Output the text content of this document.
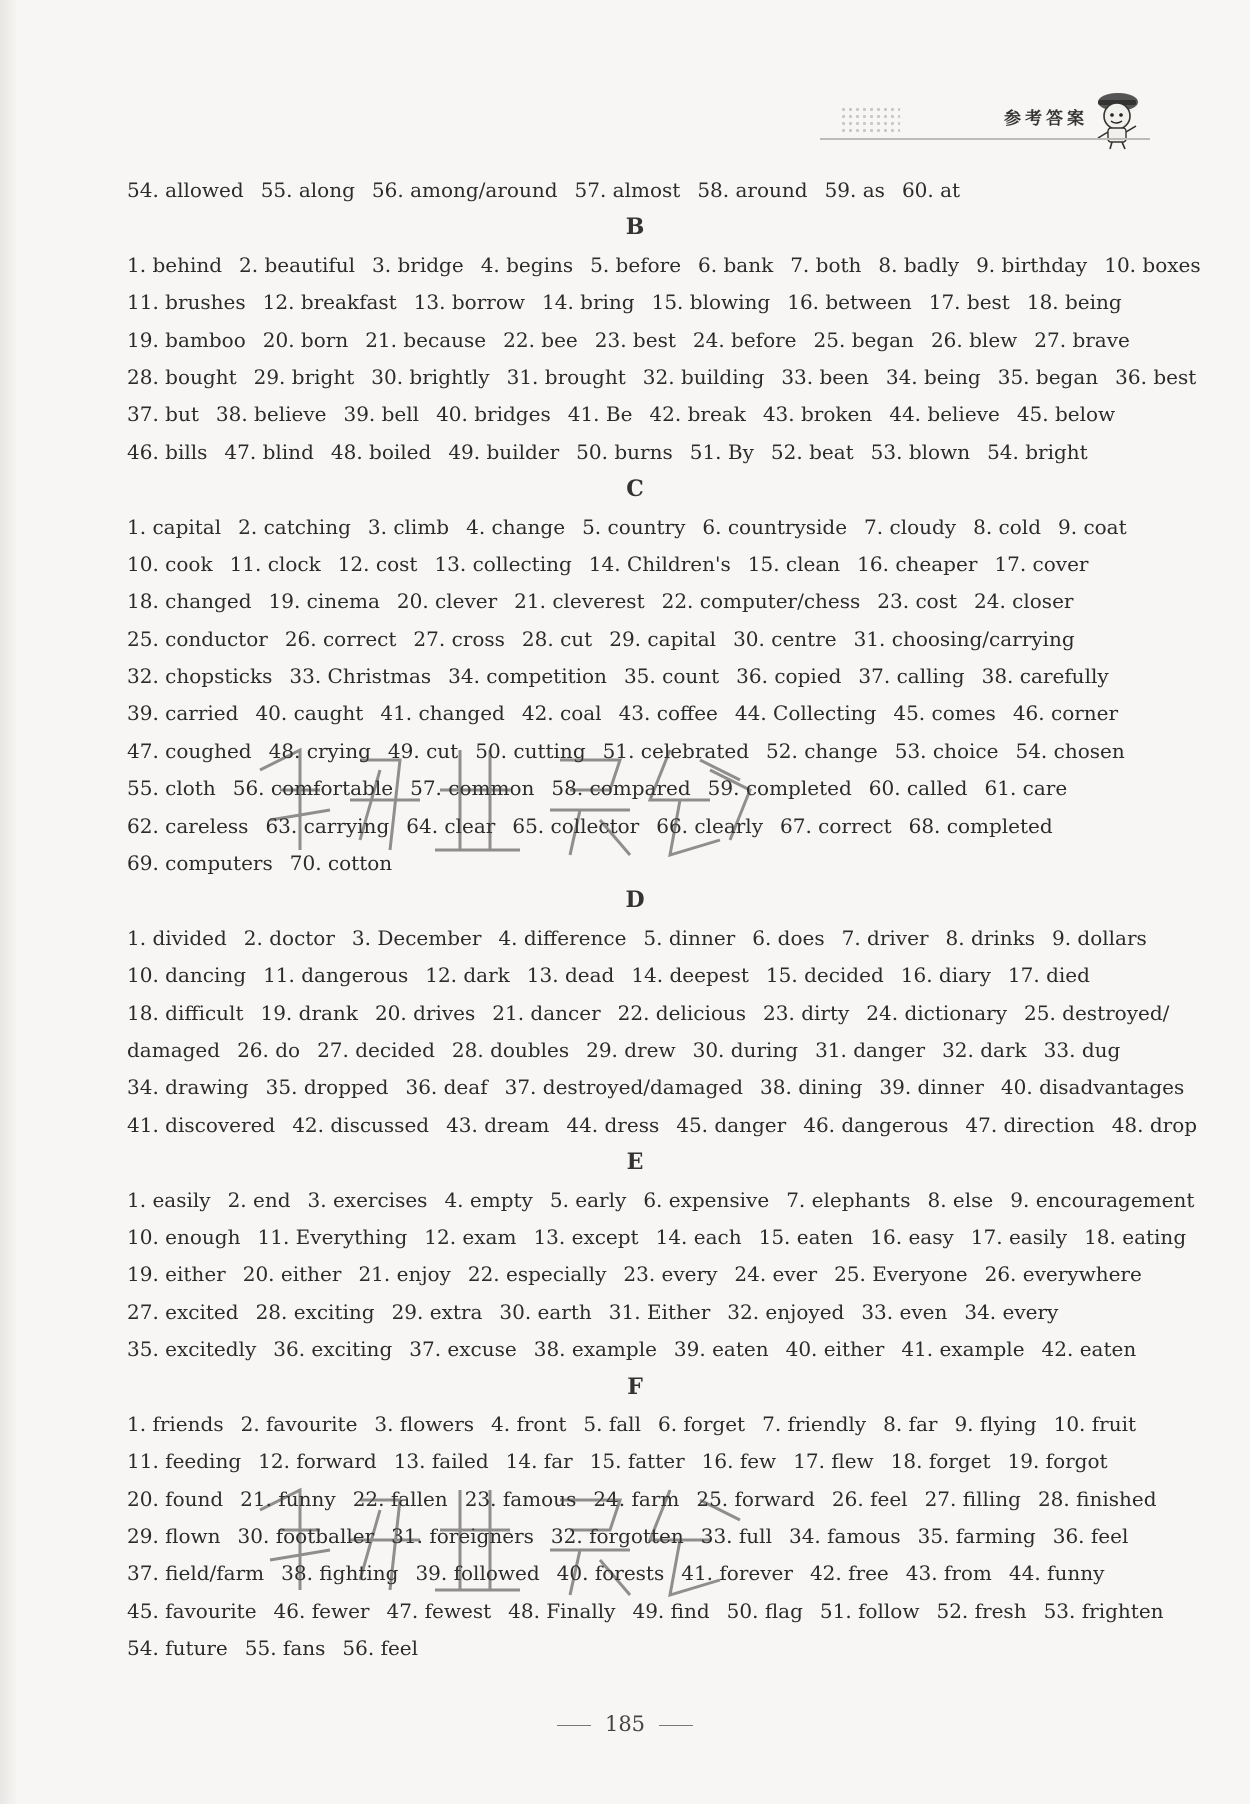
参考答案
54. allowed 55. along 56. among/around 57. almost 58. around 59. as 60. at
B
1. behind 2. beautiful 3. bridge 4. begins 5. before 6. bank 7. both 8. badly 9. birthday 10. boxes
11. brushes 12. breakfast 13. borrow 14. bring 15. blowing 16. between 17. best 18. being
19. bamboo 20. born 21. because 22. bee 23. best 24. before 25. began 26. blew 27. brave
28. bought 29. bright 30. brightly 31. brought 32. building 33. been 34. being 35. began 36. best
37. but 38. believe 39. bell 40. bridges 41. Be 42. break 43. broken 44. believe 45. below
46. bills 47. blind 48. boiled 49. builder 50. burns 51. By 52. beat 53. blown 54. bright
C
1. capital 2. catching 3. climb 4. change 5. country 6. countryside 7. cloudy 8. cold 9. coat
10. cook 11. clock 12. cost 13. collecting 14. Children's 15. clean 16. cheaper 17. cover
18. changed 19. cinema 20. clever 21. cleverest 22. computer/chess 23. cost 24. closer
25. conductor 26. correct 27. cross 28. cut 29. capital 30. centre 31. choosing/carrying
32. chopsticks 33. Christmas 34. competition 35. count 36. copied 37. calling 38. carefully
39. carried 40. caught 41. changed 42. coal 43. coffee 44. Collecting 45. comes 46. corner
47. coughed 48. crying 49. cut 50. cutting 51. celebrated 52. change 53. choice 54. chosen
55. cloth 56. comfortable 57. common 58. compared 59. completed 60. called 61. care
62. careless 63. carrying 64. clear 65. collector 66. clearly 67. correct 68. completed
69. computers 70. cotton
D
1. divided 2. doctor 3. December 4. difference 5. dinner 6. does 7. driver 8. drinks 9. dollars
10. dancing 11. dangerous 12. dark 13. dead 14. deepest 15. decided 16. diary 17. died
18. difficult 19. drank 20. drives 21. dancer 22. delicious 23. dirty 24. dictionary 25. destroyed/
damaged 26. do 27. decided 28. doubles 29. drew 30. during 31. danger 32. dark 33. dug
34. drawing 35. dropped 36. deaf 37. destroyed/damaged 38. dining 39. dinner 40. disadvantages
41. discovered 42. discussed 43. dream 44. dress 45. danger 46. dangerous 47. direction 48. drop
E
1. easily 2. end 3. exercises 4. empty 5. early 6. expensive 7. elephants 8. else 9. encouragement
10. enough 11. Everything 12. exam 13. except 14. each 15. eaten 16. easy 17. easily 18. eating
19. either 20. either 21. enjoy 22. especially 23. every 24. ever 25. Everyone 26. everywhere
27. excited 28. exciting 29. extra 30. earth 31. Either 32. enjoyed 33. even 34. every
35. excitedly 36. exciting 37. excuse 38. example 39. eaten 40. either 41. example 42. eaten
F
1. friends 2. favourite 3. flowers 4. front 5. fall 6. forget 7. friendly 8. far 9. flying 10. fruit
11. feeding 12. forward 13. failed 14. far 15. fatter 16. few 17. flew 18. forget 19. forgot
20. found 21. funny 22. fallen 23. famous 24. farm 25. forward 26. feel 27. filling 28. finished
29. flown 30. footballer 31. foreigners 32. forgotten 33. full 34. famous 35. farming 36. feel
37. field/farm 38. fighting 39. followed 40. forests 41. forever 42. free 43. from 44. funny
45. favourite 46. fewer 47. fewest 48. Finally 49. find 50. flag 51. follow 52. fresh 53. frighten
54. future 55. fans 56. feel
185
